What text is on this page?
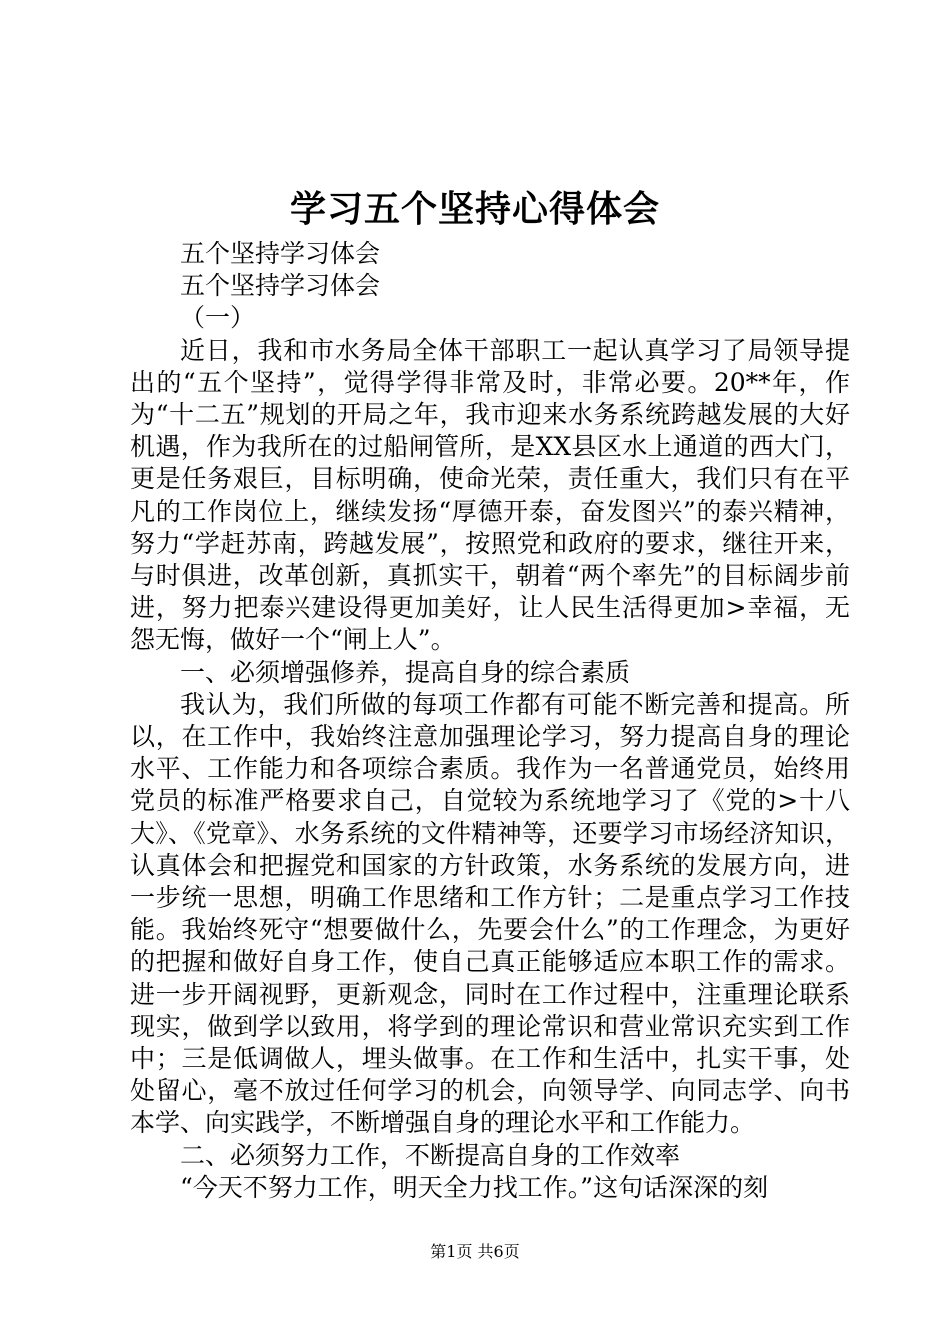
学习五个坚持心得体会

五个坚持学习体会

五个坚持学习体会

（一）

近日，我和市水务局全体干部职工一起认真学习了局领导提出的“五个坚持”，觉得学得非常及时，非常必要。20**年，作为“十二五”规划的开局之年，我市迎来水务系统跨越发展的大好机遇，作为我所在的过船闸管所，是XX县区水上通道的西大门，更是任务艰巨，目标明确，使命光荣，责任重大，我们只有在平凡的工作岗位上，继续发扬“厚德开泰，奋发图兴”的泰兴精神，努力“学赶苏南，跨越发展”，按照党和政府的要求，继往开来，与时俱进，改革创新，真抓实干，朝着“两个率先”的目标阔步前进，努力把泰兴建设得更加美好，让人民生活得更加>幸福，无怨无悔，做好一个“闸上人”。

一、必须增强修养，提高自身的综合素质

我认为，我们所做的每项工作都有可能不断完善和提高。所以，在工作中，我始终注意加强理论学习，努力提高自身的理论水平、工作能力和各项综合素质。我作为一名普通党员，始终用党员的标准严格要求自己，自觉较为系统地学习了《党的>十八大》、《党章》、水务系统的文件精神等，还要学习市场经济知识，认真体会和把握党和国家的方针政策，水务系统的发展方向，进一步统一思想，明确工作思绪和工作方针；二是重点学习工作技能。我始终死守“想要做什么，先要会什么”的工作理念，为更好的把握和做好自身工作，使自己真正能够适应本职工作的需求。进一步开阔视野，更新观念，同时在工作过程中，注重理论联系现实，做到学以致用，将学到的理论常识和营业常识充实到工作中；三是低调做人，埋头做事。在工作和生活中，扎实干事，处处留心，毫不放过任何学习的机会，向领导学、向同志学、向书本学、向实践学，不断增强自身的理论水平和工作能力。

二、必须努力工作，不断提高自身的工作效率

“今天不努力工作，明天全力找工作。”这句话深深的刻

第1页 共6页
